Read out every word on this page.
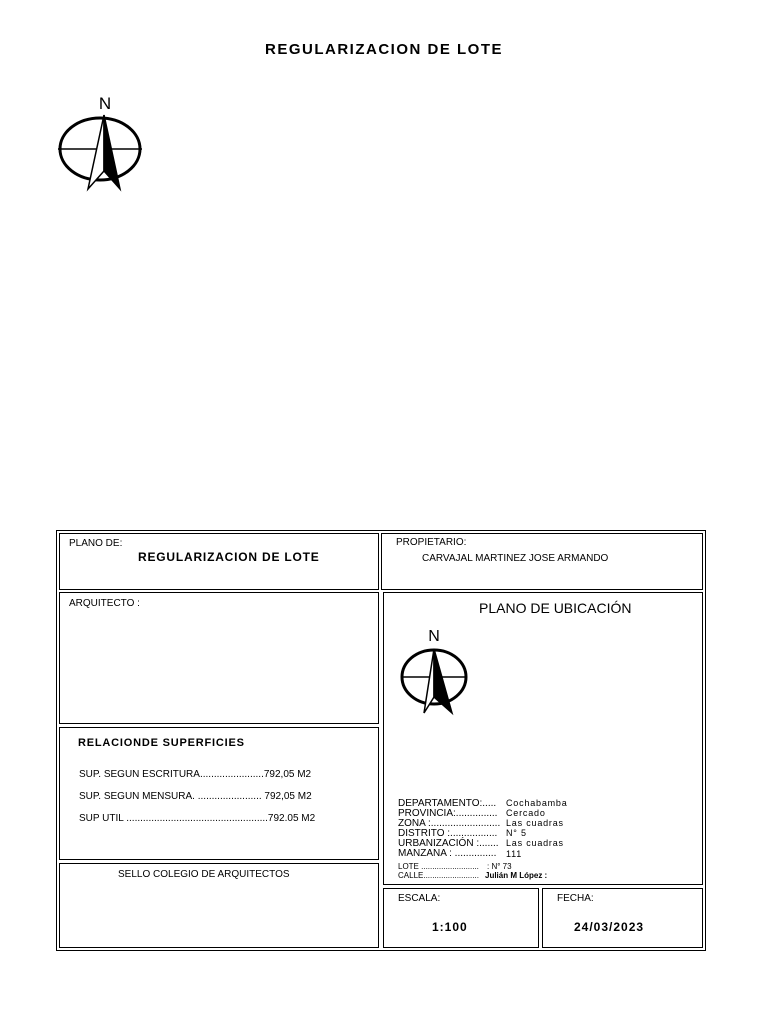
REGULARIZACION DE LOTE
N
PLANO DE:
REGULARIZACION DE LOTE
PROPIETARIO:
CARVAJAL MARTINEZ JOSE ARMANDO
ARQUITECTO :
RELACIONDE SUPERFICIES
SUP. SEGUN ESCRITURA.......................792,05 M2
SUP. SEGUN MENSURA. ....................... 792,05 M2
SUP UTIL ...................................................792.05 M2
SELLO COLEGIO DE ARQUITECTOS
PLANO DE UBICACIÓN
N
DEPARTAMENTO:..... Cochabamba
PROVINCIA:............... Cercado
ZONA :......................... Las cuadras
DISTRITO :................. N° 5
URBANIZACIÓN :....... Las cuadras
MANZANA : ............... 111
LOTE .......................... : N° 73
CALLE......................... Julián M López :
ESCALA:
1:100
FECHA:
24/03/2023
